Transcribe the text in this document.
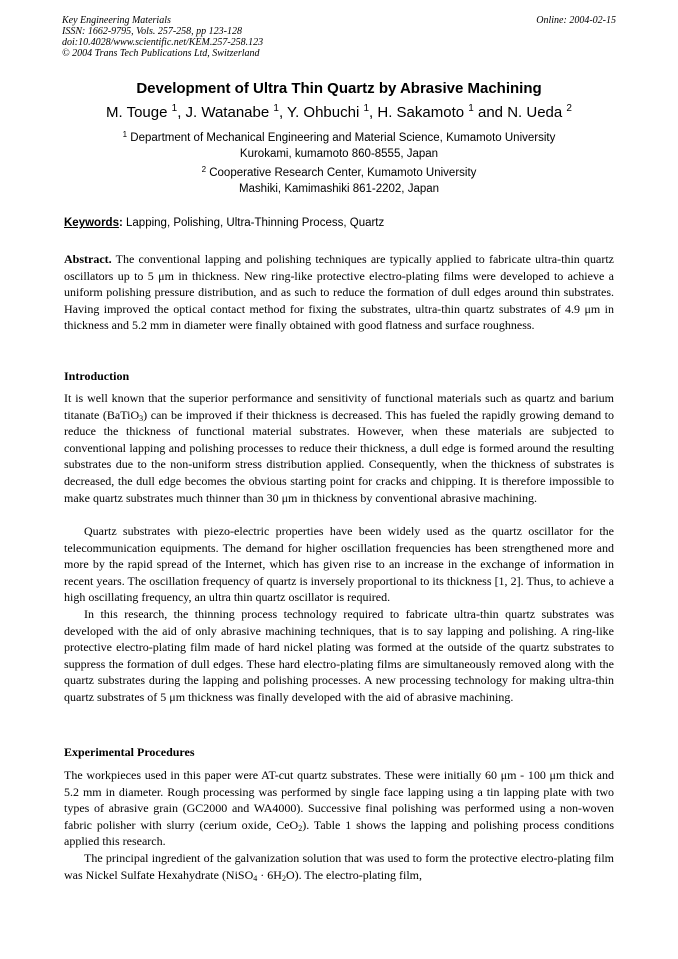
Key Engineering Materials
ISSN: 1662-9795, Vols. 257-258, pp 123-128
doi:10.4028/www.scientific.net/KEM.257-258.123
© 2004 Trans Tech Publications Ltd, Switzerland
Online: 2004-02-15
Development of Ultra Thin Quartz by Abrasive Machining
M. Touge $^1$, J. Watanabe $^1$, Y. Ohbuchi $^1$, H. Sakamoto $^1$ and N. Ueda $^2$
$^1$ Department of Mechanical Engineering and Material Science, Kumamoto University
Kurokami, kumamoto 860-8555, Japan
$^2$ Cooperative Research Center, Kumamoto University
Mashiki, Kamimashiki 861-2202, Japan
Keywords: Lapping, Polishing, Ultra-Thinning Process, Quartz
Abstract. The conventional lapping and polishing techniques are typically applied to fabricate ultra-thin quartz oscillators up to 5 μm in thickness. New ring-like protective electro-plating films were developed to achieve a uniform polishing pressure distribution, and as such to reduce the formation of dull edges around thin substrates. Having improved the optical contact method for fixing the substrates, ultra-thin quartz substrates of 4.9 μm in thickness and 5.2 mm in diameter were finally obtained with good flatness and surface roughness.
Introduction
It is well known that the superior performance and sensitivity of functional materials such as quartz and barium titanate (BaTiO$_3$) can be improved if their thickness is decreased. This has fueled the rapidly growing demand to reduce the thickness of functional material substrates. However, when these materials are subjected to conventional lapping and polishing processes to reduce their thickness, a dull edge is formed around the resulting substrates due to the non-uniform stress distribution applied. Consequently, when the thickness of substrates is decreased, the dull edge becomes the obvious starting point for cracks and chipping. It is therefore impossible to make quartz substrates much thinner than 30 μm in thickness by conventional abrasive machining.
Quartz substrates with piezo-electric properties have been widely used as the quartz oscillator for the telecommunication equipments. The demand for higher oscillation frequencies has been strengthened more and more by the rapid spread of the Internet, which has given rise to an increase in the exchange of information in recent years. The oscillation frequency of quartz is inversely proportional to its thickness [1, 2]. Thus, to achieve a high oscillating frequency, an ultra thin quartz oscillator is required.
In this research, the thinning process technology required to fabricate ultra-thin quartz substrates was developed with the aid of only abrasive machining techniques, that is to say lapping and polishing. A ring-like protective electro-plating film made of hard nickel plating was formed at the outside of the quartz substrates to suppress the formation of dull edges. These hard electro-plating films are simultaneously removed along with the quartz substrates during the lapping and polishing processes. A new processing technology for making ultra-thin quartz substrates of 5 μm thickness was finally developed with the aid of abrasive machining.
Experimental Procedures
The workpieces used in this paper were AT-cut quartz substrates. These were initially 60 μm - 100 μm thick and 5.2 mm in diameter. Rough processing was performed by single face lapping using a tin lapping plate with two types of abrasive grain (GC2000 and WA4000). Successive final polishing was performed using a non-woven fabric polisher with slurry (cerium oxide, CeO$_2$). Table 1 shows the lapping and polishing process conditions applied this research.
The principal ingredient of the galvanization solution that was used to form the protective electro-plating film was Nickel Sulfate Hexahydrate (NiSO$_4$ · $6H_2O$). The electro-plating film,
